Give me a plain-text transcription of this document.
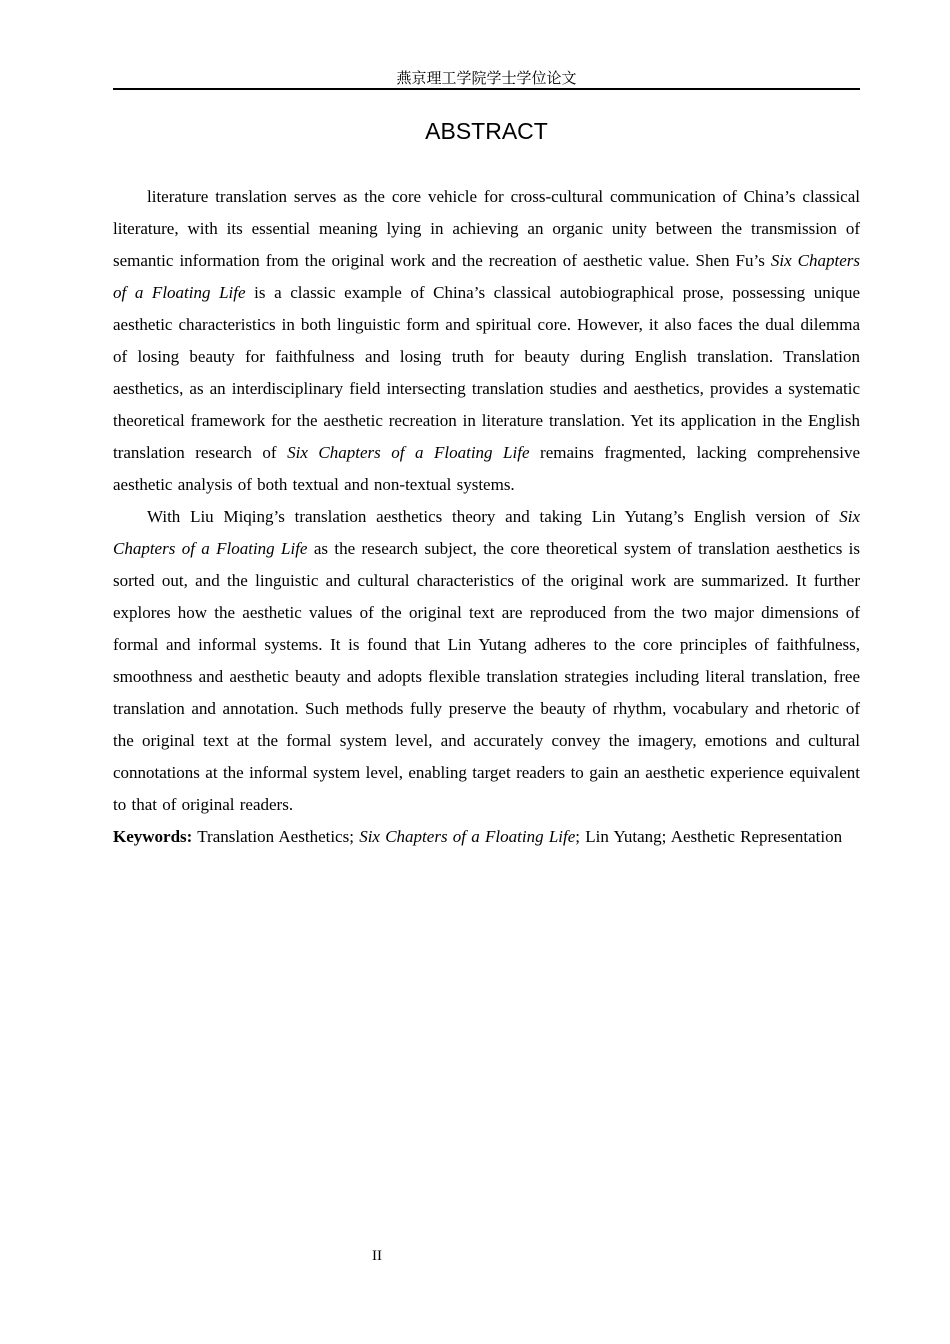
燕京理工学院学士学位论文
ABSTRACT

literature translation serves as the core vehicle for cross-cultural communication of China’s classical literature, with its essential meaning lying in achieving an organic unity between the transmission of semantic information from the original work and the recreation of aesthetic value. Shen Fu’s Six Chapters of a Floating Life is a classic example of China’s classical autobiographical prose, possessing unique aesthetic characteristics in both linguistic form and spiritual core. However, it also faces the dual dilemma of losing beauty for faithfulness and losing truth for beauty during English translation. Translation aesthetics, as an interdisciplinary field intersecting translation studies and aesthetics, provides a systematic theoretical framework for the aesthetic recreation in literature translation. Yet its application in the English translation research of Six Chapters of a Floating Life remains fragmented, lacking comprehensive aesthetic analysis of both textual and non-textual systems.

With Liu Miqing’s translation aesthetics theory and taking Lin Yutang’s English version of Six Chapters of a Floating Life as the research subject, the core theoretical system of translation aesthetics is sorted out, and the linguistic and cultural characteristics of the original work are summarized. It further explores how the aesthetic values of the original text are reproduced from the two major dimensions of formal and informal systems. It is found that Lin Yutang adheres to the core principles of faithfulness, smoothness and aesthetic beauty and adopts flexible translation strategies including literal translation, free translation and annotation. Such methods fully preserve the beauty of rhythm, vocabulary and rhetoric of the original text at the formal system level, and accurately convey the imagery, emotions and cultural connotations at the informal system level, enabling target readers to gain an aesthetic experience equivalent to that of original readers.

Keywords: Translation Aesthetics; Six Chapters of a Floating Life; Lin Yutang; Aesthetic Representation

II
